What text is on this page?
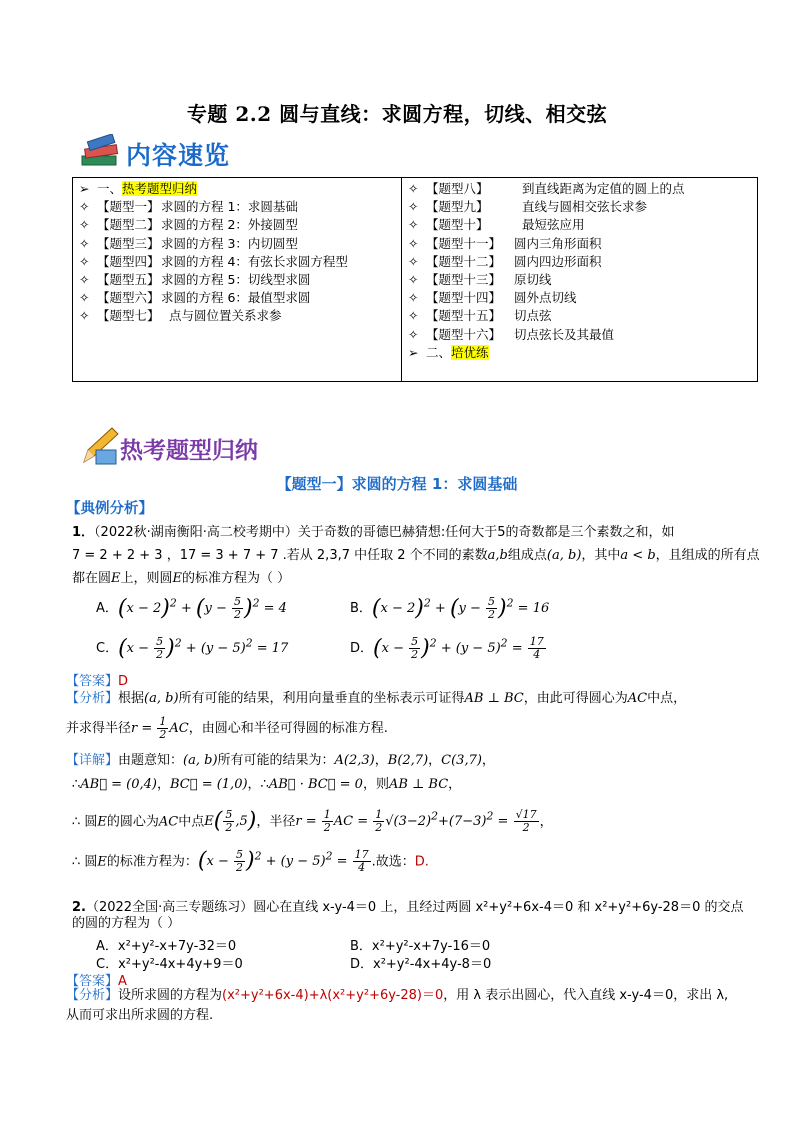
专题 2.2 圆与直线：求圆方程，切线、相交弦
内容速览
➢ 一、热考题型归纳
✧ 【题型一】求圆的方程 1：求圆基础
✧ 【题型二】求圆的方程 2：外接圆型
✧ 【题型三】求圆的方程 3：内切圆型
✧ 【题型四】求圆的方程 4：有弦长求圆方程型
✧ 【题型五】求圆的方程 5：切线型求圆
✧ 【题型六】求圆的方程 6：最值型求圆
✧ 【题型七】  点与圆位置关系求参

✧ 【题型八】  到直线距离为定值的圆上的点
✧ 【题型九】  直线与圆相交弦长求参
✧ 【题型十】  最短弦应用
✧ 【题型十一】 圆内三角形面积
✧ 【题型十二】 圆内四边形面积
✧ 【题型十三】 原切线
✧ 【题型十四】 圆外点切线
✧ 【题型十五】 切点弦
✧ 【题型十六】 切点弦长及其最值
➢ 二、培优练
热考题型归纳
【题型一】求圆的方程 1：求圆基础
【典例分析】
1．（2022秋·湖南衡阳·高二校考期中）关于奇数的哥德巴赫猜想:任何大于5的奇数都是三个素数之和，如
7 = 2 + 2 + 3 ，17 = 3 + 7 + 7 .若从 2,3,7 中任取 2 个不同的素数a,b组成点(a, b)，其中a < b，且组成的所有点
都在圆E上，则圆E的标准方程为（ ）
A．$(x - 2)^2 + (y - \frac{5}{2} )^2 = 4$	B．$(x - 2)^2 + (y - \frac{5}{2} )^2 = 16$
C．$(x - \frac{5}{2} )^2 + (y - 5)^2 = 17$	D．$(x - \frac{5}{2} )^2 + (y - 5)^2 = \frac{17}{4}$
【答案】D
【分析】根据(a, b)所有可能的结果，利用向量垂直的坐标表示可证得AB ⊥ BC，由此可得圆心为AC中点，
并求得半径$r = \frac{1}{2}$ AC，由圆心和半径可得圆的标准方程.
【详解】由题意知：(a, b)所有可能的结果为：A(2,3)，B(2,7)，C(3,7)，
∴AB⃗ = (0,4)，BC⃗ = (1,0)，∴AB⃗ · BC⃗ = 0，则AB ⊥ BC，
∴ 圆E的圆心为AC中点$E( \frac{5}{2} ,5)$，半径$r = \frac{1}{2}$ AC = $\frac{1}{2} √(3-2)^2+(7-3)^2 = \frac{√17}{2}$ ，
∴ 圆E的标准方程为：$(x - \frac{5}{2} )^2 + (y - 5)^2 = \frac{17}{4}$ .故选：D.
2.（2022全国·高三专题练习）圆心在直线 x-y-4＝0 上，且经过两圆 x²+y²+6x-4＝0 和 x²+y²+6y-28＝0 的交点
的圆的方程为（ ）
A．x²+y²-x+7y-32＝0	B．x²+y²-x+7y-16＝0
C．x²+y²-4x+4y+9＝0	D．x²+y²-4x+4y-8＝0
【答案】A
【分析】设所求圆的方程为(x²+y²+6x-4)+λ(x²+y²+6y-28)＝0，用 λ 表示出圆心，代入直线 x-y-4＝0，求出 λ,
从而可求出所求圆的方程.
